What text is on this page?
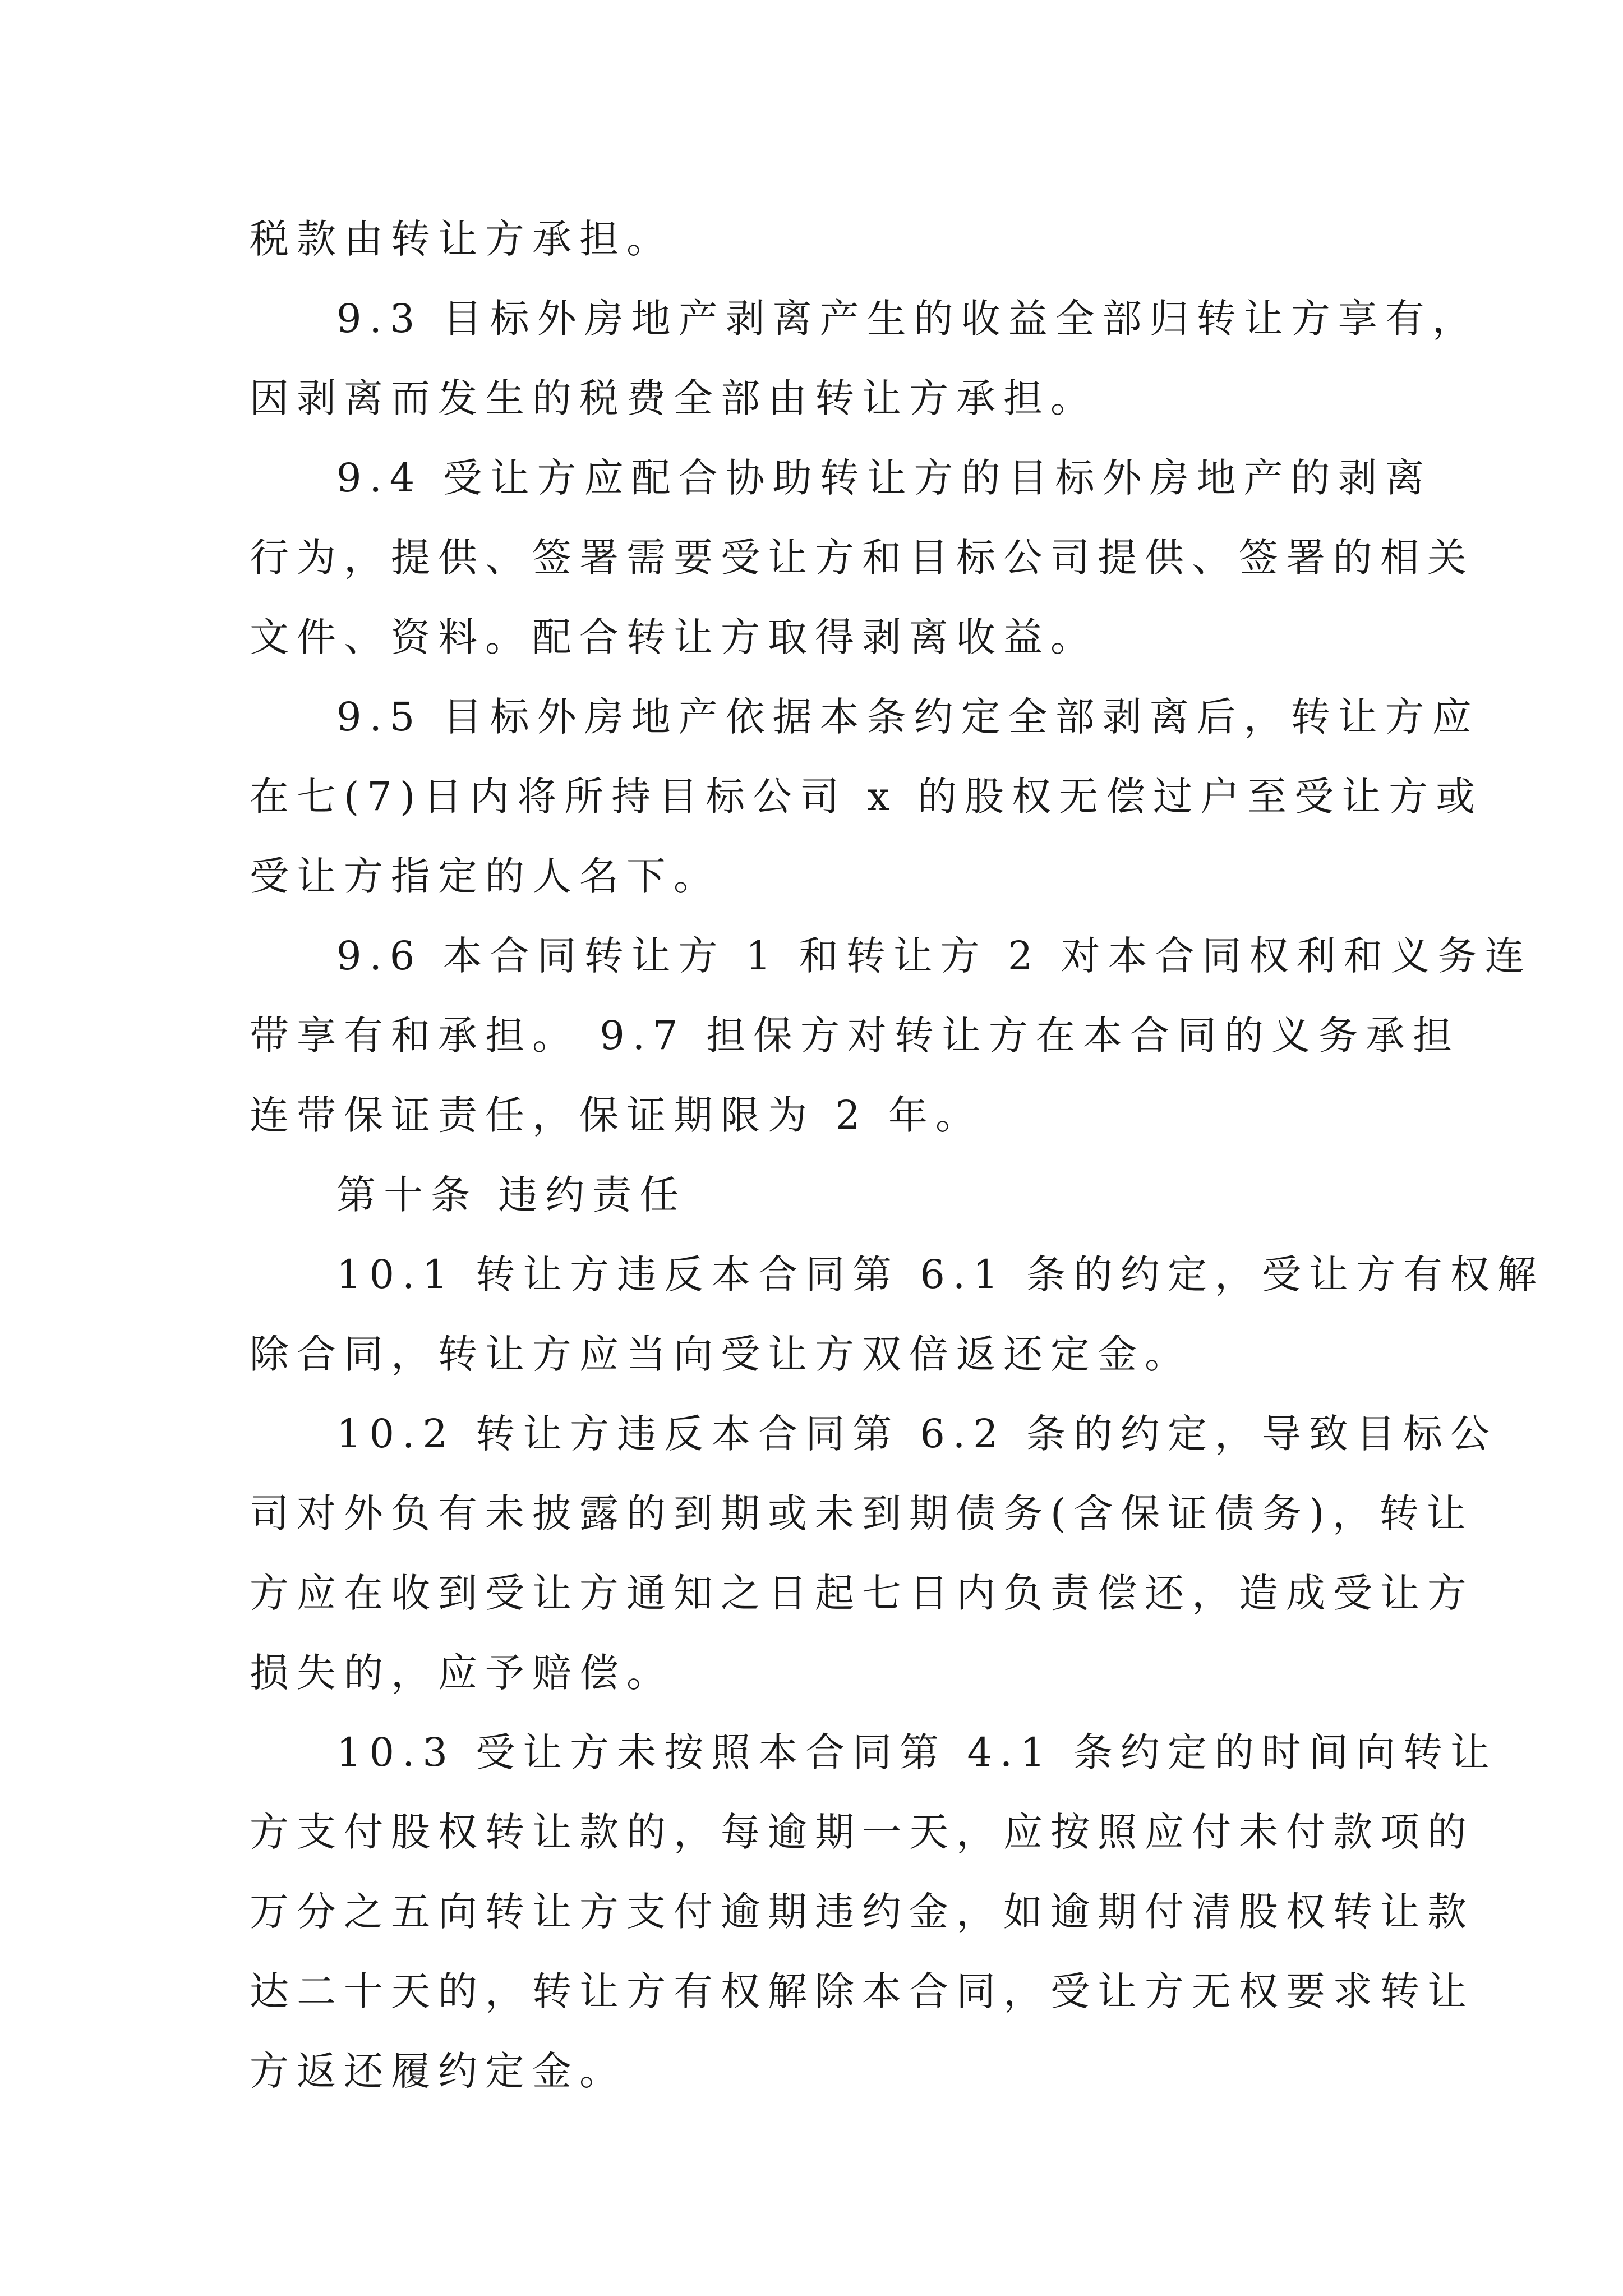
税款由转让方承担。

9.3 目标外房地产剥离产生的收益全部归转让方享有，
因剥离而发生的税费全部由转让方承担。

9.4 受让方应配合协助转让方的目标外房地产的剥离
行为，提供、签署需要受让方和目标公司提供、签署的相关
文件、资料。配合转让方取得剥离收益。

9.5 目标外房地产依据本条约定全部剥离后，转让方应
在七(7)日内将所持目标公司 x 的股权无偿过户至受让方或
受让方指定的人名下。

9.6 本合同转让方 1 和转让方 2 对本合同权利和义务连
带享有和承担。 9.7 担保方对转让方在本合同的义务承担
连带保证责任，保证期限为 2 年。

第十条 违约责任

10.1 转让方违反本合同第 6.1 条的约定，受让方有权解
除合同，转让方应当向受让方双倍返还定金。

10.2 转让方违反本合同第 6.2 条的约定，导致目标公
司对外负有未披露的到期或未到期债务(含保证债务)，转让
方应在收到受让方通知之日起七日内负责偿还，造成受让方
损失的，应予赔偿。

10.3 受让方未按照本合同第 4.1 条约定的时间向转让
方支付股权转让款的，每逾期一天，应按照应付未付款项的
万分之五向转让方支付逾期违约金，如逾期付清股权转让款
达二十天的，转让方有权解除本合同，受让方无权要求转让
方返还履约定金。
